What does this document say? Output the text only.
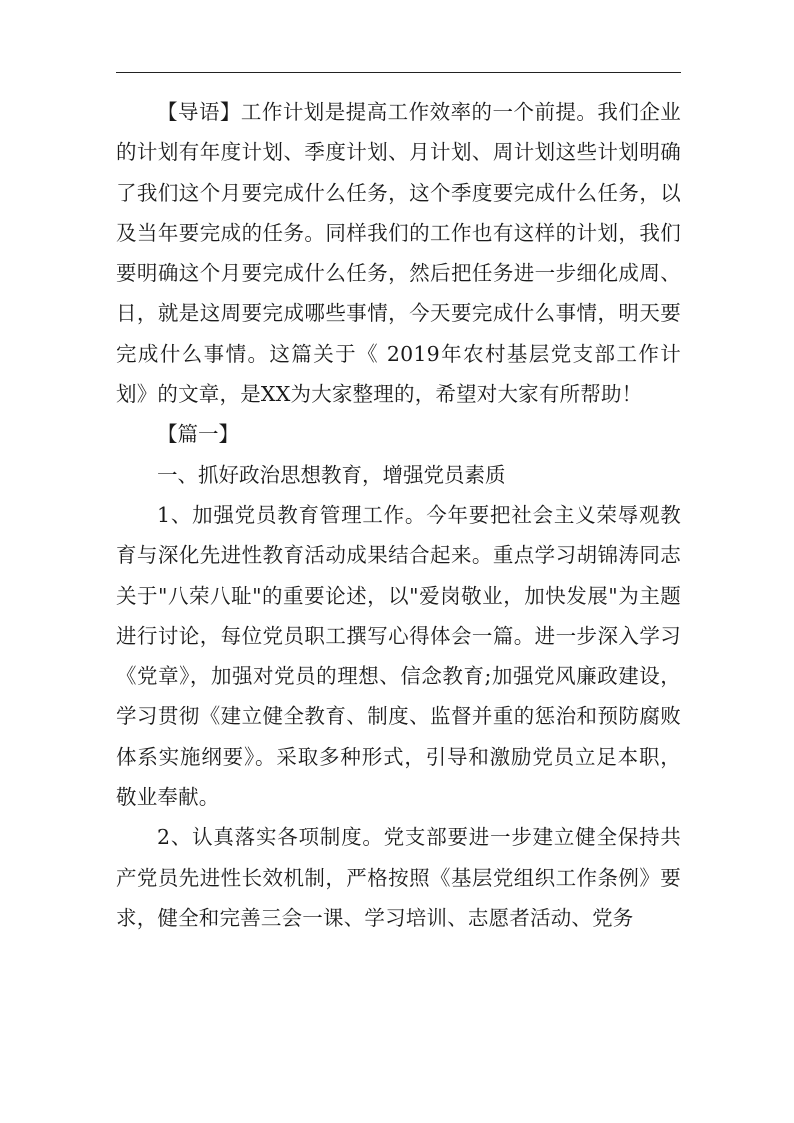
【导语】工作计划是提高工作效率的一个前提。我们企业的计划有年度计划、季度计划、月计划、周计划这些计划明确了我们这个月要完成什么任务，这个季度要完成什么任务，以及当年要完成的任务。同样我们的工作也有这样的计划，我们要明确这个月要完成什么任务，然后把任务进一步细化成周、日，就是这周要完成哪些事情，今天要完成什么事情，明天要完成什么事情。这篇关于《 2019年农村基层党支部工作计划》的文章，是XX为大家整理的，希望对大家有所帮助！

【篇一】

一、抓好政治思想教育，增强党员素质

1、加强党员教育管理工作。今年要把社会主义荣辱观教育与深化先进性教育活动成果结合起来。重点学习胡锦涛同志关于"八荣八耻"的重要论述，以"爱岗敬业，加快发展"为主题进行讨论，每位党员职工撰写心得体会一篇。进一步深入学习《党章》，加强对党员的理想、信念教育;加强党风廉政建设，学习贯彻《建立健全教育、制度、监督并重的惩治和预防腐败体系实施纲要》。采取多种形式，引导和激励党员立足本职，敬业奉献。

2、认真落实各项制度。党支部要进一步建立健全保持共产党员先进性长效机制，严格按照《基层党组织工作条例》要求，健全和完善三会一课、学习培训、志愿者活动、党务
